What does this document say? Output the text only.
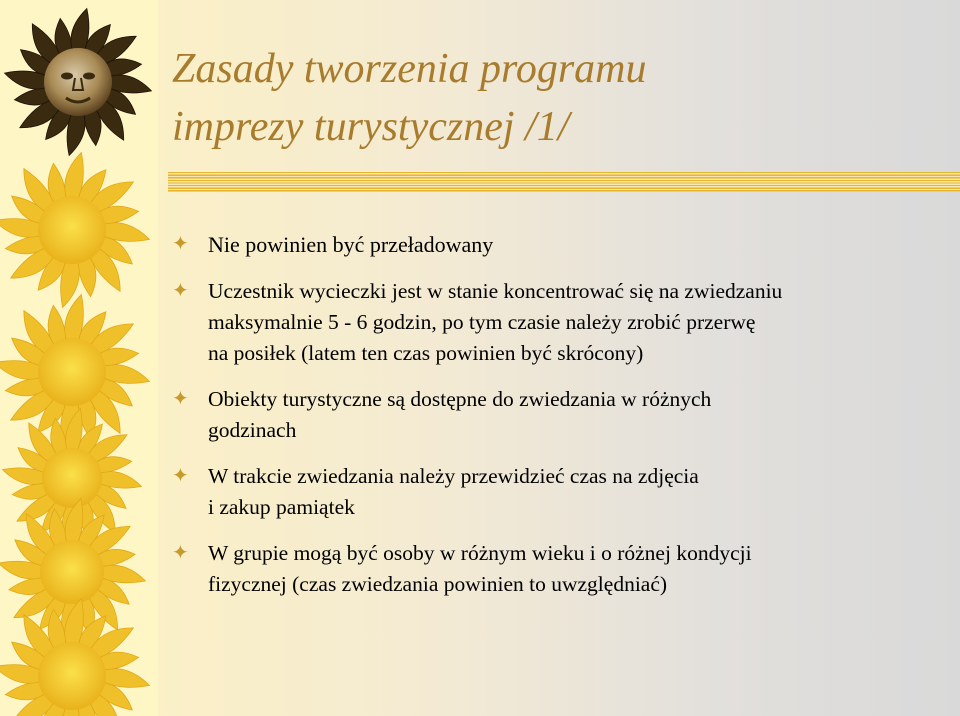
Zasady tworzenia programu
imprezy turystycznej /1/
✦ Nie powinien być przeładowany
✦ Uczestnik wycieczki jest w stanie koncentrować się na zwiedzaniu
maksymalnie 5 - 6 godzin, po tym czasie należy zrobić przerwę
na posiłek (latem ten czas powinien być skrócony)
✦ Obiekty turystyczne są dostępne do zwiedzania w różnych
godzinach
✦ W trakcie zwiedzania należy przewidzieć czas na zdjęcia
i zakup pamiątek
✦ W grupie mogą być osoby w różnym wieku i o różnej kondycji
fizycznej (czas zwiedzania powinien to uwzględniać)
